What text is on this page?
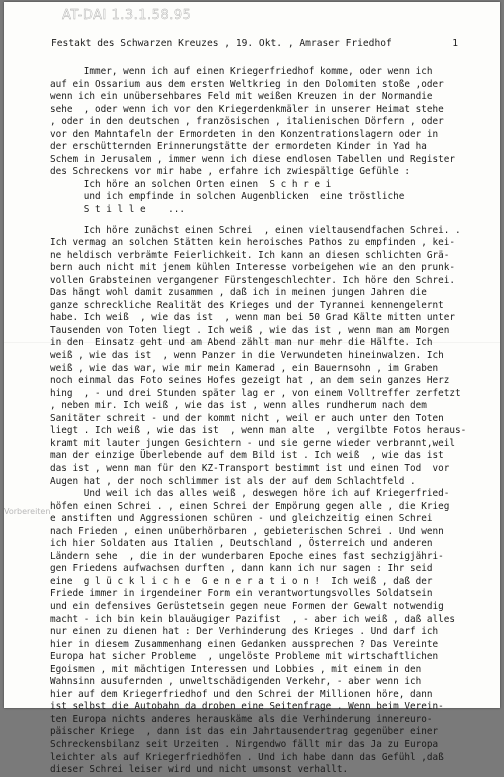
AT-DAI 1.3.1.58.95
Festakt des Schwarzen Kreuzes , 19. Okt. , Amraser Friedhof	1
Vorbereiten
Immer, wenn ich auf einen Kriegerfriedhof komme, oder wenn ich
auf ein Ossarium aus dem ersten Weltkrieg in den Dolomiten stoße ,oder
wenn ich ein unübersehbares Feld mit weißen Kreuzen in der Normandie
sehe  , oder wenn ich vor den Kriegerdenkmäler in unserer Heimat stehe
, oder in den deutschen , französischen , italienischen Dörfern , oder
vor den Mahntafeln der Ermordeten in den Konzentrationslagern oder in
der erschütternden Erinnerungstätte der ermordeten Kinder in Yad ha
Schem in Jerusalem , immer wenn ich diese endlosen Tabellen und Register
des Schreckens vor mir habe , erfahre ich zwiespältige Gefühle :
Ich höre an solchen Orten einen  S c h r e i
und ich empfinde in solchen Augenblicken  eine tröstliche
S t i l l e    ...
Ich höre zunächst einen Schrei  , einen vieltausendfachen Schrei. .
Ich vermag an solchen Stätten kein heroisches Pathos zu empfinden , kei-
ne heldisch verbrämte Feierlichkeit. Ich kann an diesen schlichten Grä-
bern auch nicht mit jenem kühlen Interesse vorbeigehen wie an den prunk-
vollen Grabsteinen vergangener Fürstengeschlechter. Ich höre den Schrei.
Das hängt wohl damit zusammen , daß ich in meinen jungen Jahren die
ganze schreckliche Realität des Krieges und der Tyrannei kennengelernt
habe. Ich weiß  , wie das ist  , wenn man bei 50 Grad Kälte mitten unter
Tausenden von Toten liegt . Ich weiß , wie das ist , wenn man am Morgen
in den  Einsatz geht und am Abend zählt man nur mehr die Hälfte. Ich
weiß , wie das ist  , wenn Panzer in die Verwundeten hineinwalzen. Ich
weiß , wie das war, wie mir mein Kamerad , ein Bauernsohn , im Graben
noch einmal das Foto seines Hofes gezeigt hat , an dem sein ganzes Herz
hing  , - und drei Stunden später lag er , von einem Volltreffer zerfetzt
, neben mir. Ich weiß , wie das ist , wenn alles rundherum nach dem
Sanitäter schreit - und der kommt nicht , weil er auch unter den Toten
liegt . Ich weiß , wie das ist  , wenn man alte  , vergilbte Fotos heraus-
kramt mit lauter jungen Gesichtern - und sie gerne wieder verbrannt,weil
man der einzige Überlebende auf dem Bild ist . Ich weiß  , wie das ist
das ist , wenn man für den KZ-Transport bestimmt ist und einen Tod  vor
Augen hat , der noch schlimmer ist als der auf dem Schlachtfeld .
Und weil ich das alles weiß , deswegen höre ich auf Kriegerfried-
höfen einen Schrei . , einen Schrei der Empörung gegen alle , die Krieg
e anstiften und Aggressionen schüren - und gleichzeitig einen Schrei
nach Frieden , einen unüberhörbaren , gebieterischen Schrei . Und wenn
ich hier Soldaten aus Italien , Deutschland , Österreich und anderen
Ländern sehe  , die in der wunderbaren Epoche eines fast sechzigjähri-
gen Friedens aufwachsen durften , dann kann ich nur sagen : Ihr seid
eine  g l ü c k l i c h e  G e n e r a t i o n !  Ich weiß , daß der
Friede immer in irgendeiner Form ein verantwortungsvolles Soldatsein
und ein defensives Gerüstetsein gegen neue Formen der Gewalt notwendig
macht - ich bin kein blauäugiger Pazifist  , - aber ich weiß , daß alles
nur einen zu dienen hat : Der Verhinderung des Krieges . Und darf ich
hier in diesem Zusammenhang einen Gedanken aussprechen ? Das Vereinte
Europa hat sicher Probleme  , ungelöste Probleme mit wirtschaftlichen
Egoismen , mit mächtigen Interessen und Lobbies , mit einem in den
Wahnsinn ausufernden , unweltschädigenden Verkehr, - aber wenn ich
hier auf dem Kriegerfriedhof und den Schrei der Millionen höre, dann
ist selbst die Autobahn da droben eine Seitenfrage . Wenn beim Verein-
ten Europa nichts anderes herauskäme als die Verhinderung innereuro-
päischer Kriege  , dann ist das ein Jahrtausendertrag gegenüber einer
Schreckensbilanz seit Urzeiten . Nirgendwo fällt mir das Ja zu Europa
leichter als auf Kriegerfriedhöfen . Und ich habe dann das Gefühl ,daß
dieser Schrei leiser wird und nicht umsonst verhallt.
